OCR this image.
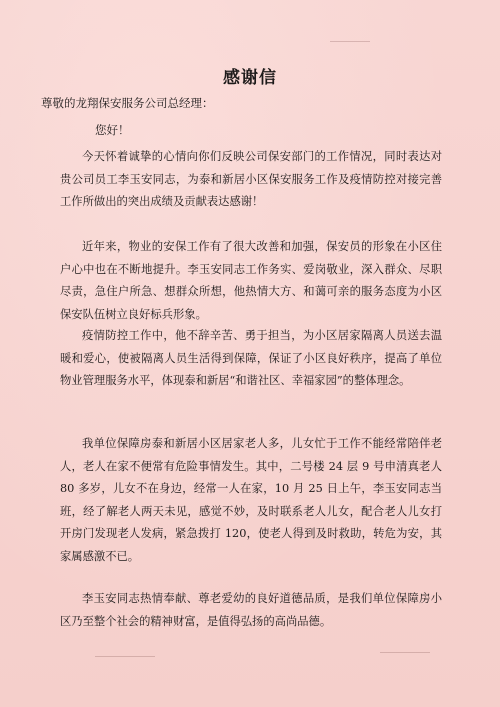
感谢信
尊敬的龙翔保安服务公司总经理：
您好！
今天怀着诚挚的心情向你们反映公司保安部门的工作情况，同时表达对贵公司员工李玉安同志，为泰和新居小区保安服务工作及疫情防控对接完善工作所做出的突出成绩及贡献表达感谢！
近年来，物业的安保工作有了很大改善和加强，保安员的形象在小区住户心中也在不断地提升。李玉安同志工作务实、爱岗敬业，深入群众、尽职尽责，急住户所急、想群众所想，他热情大方、和蔼可亲的服务态度为小区保安队伍树立良好标兵形象。
疫情防控工作中，他不辞辛苦、勇于担当，为小区居家隔离人员送去温暖和爱心，使被隔离人员生活得到保障，保证了小区良好秩序，提高了单位物业管理服务水平，体现泰和新居“和谐社区、幸福家园”的整体理念。
我单位保障房泰和新居小区居家老人多，儿女忙于工作不能经常陪伴老人，老人在家不便常有危险事情发生。其中，二号楼 24 层 9 号申清真老人 80 多岁，儿女不在身边，经常一人在家，10 月 25 日上午，李玉安同志当班，经了解老人两天未见，感觉不妙，及时联系老人儿女，配合老人儿女打开房门发现老人发病，紧急拨打 120，使老人得到及时救助，转危为安，其家属感激不已。
李玉安同志热情奉献、尊老爱幼的良好道德品质，是我们单位保障房小区乃至整个社会的精神财富，是值得弘扬的高尚品德。
